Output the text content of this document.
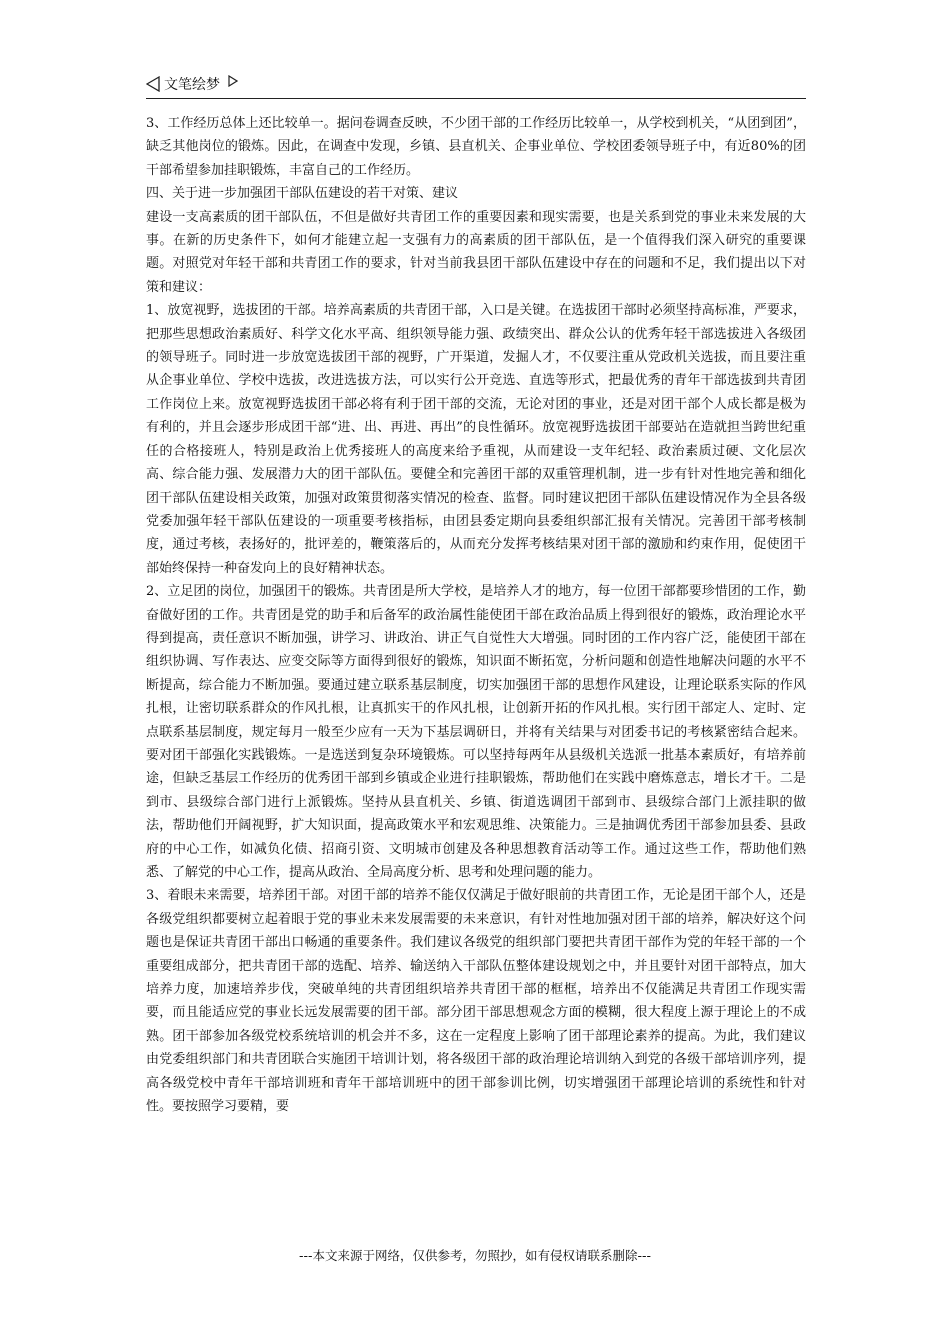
文笔绘梦

3、工作经历总体上还比较单一。据问卷调查反映，不少团干部的工作经历比较单一，从学校到机关，“从团到团”，缺乏其他岗位的锻炼。因此，在调查中发现，乡镇、县直机关、企事业单位、学校团委领导班子中，有近80%的团干部希望参加挂职锻炼，丰富自己的工作经历。

四、关于进一步加强团干部队伍建设的若干对策、建议

建设一支高素质的团干部队伍，不但是做好共青团工作的重要因素和现实需要，也是关系到党的事业未来发展的大事。在新的历史条件下，如何才能建立起一支强有力的高素质的团干部队伍，是一个值得我们深入研究的重要课题。对照党对年轻干部和共青团工作的要求，针对当前我县团干部队伍建设中存在的问题和不足，我们提出以下对策和建议：

1、放宽视野，选拔团的干部。培养高素质的共青团干部，入口是关键。在选拔团干部时必须坚持高标准，严要求，把那些思想政治素质好、科学文化水平高、组织领导能力强、政绩突出、群众公认的优秀年轻干部选拔进入各级团的领导班子。同时进一步放宽选拔团干部的视野，广开渠道，发掘人才，不仅要注重从党政机关选拔，而且要注重从企事业单位、学校中选拔，改进选拔方法，可以实行公开竞选、直选等形式，把最优秀的青年干部选拔到共青团工作岗位上来。放宽视野选拔团干部必将有利于团干部的交流，无论对团的事业，还是对团干部个人成长都是极为有利的，并且会逐步形成团干部“进、出、再进、再出”的良性循环。放宽视野选拔团干部要站在造就担当跨世纪重任的合格接班人，特别是政治上优秀接班人的高度来给予重视，从而建设一支年纪轻、政治素质过硬、文化层次高、综合能力强、发展潜力大的团干部队伍。要健全和完善团干部的双重管理机制，进一步有针对性地完善和细化团干部队伍建设相关政策，加强对政策贯彻落实情况的检查、监督。同时建议把团干部队伍建设情况作为全县各级党委加强年轻干部队伍建设的一项重要考核指标，由团县委定期向县委组织部汇报有关情况。完善团干部考核制度，通过考核，表扬好的，批评差的，鞭策落后的，从而充分发挥考核结果对团干部的激励和约束作用，促使团干部始终保持一种奋发向上的良好精神状态。

2、立足团的岗位，加强团干的锻炼。共青团是所大学校，是培养人才的地方，每一位团干部都要珍惜团的工作，勤奋做好团的工作。共青团是党的助手和后备军的政治属性能使团干部在政治品质上得到很好的锻炼，政治理论水平得到提高，责任意识不断加强，讲学习、讲政治、讲正气自觉性大大增强。同时团的工作内容广泛，能使团干部在组织协调、写作表达、应变交际等方面得到很好的锻炼，知识面不断拓宽，分析问题和创造性地解决问题的水平不断提高，综合能力不断加强。要通过建立联系基层制度，切实加强团干部的思想作风建设，让理论联系实际的作风扎根，让密切联系群众的作风扎根，让真抓实干的作风扎根，让创新开拓的作风扎根。实行团干部定人、定时、定点联系基层制度，规定每月一般至少应有一天为下基层调研日，并将有关结果与对团委书记的考核紧密结合起来。要对团干部强化实践锻炼。一是选送到复杂环境锻炼。可以坚持每两年从县级机关选派一批基本素质好，有培养前途，但缺乏基层工作经历的优秀团干部到乡镇或企业进行挂职锻炼，帮助他们在实践中磨炼意志，增长才干。二是到市、县级综合部门进行上派锻炼。坚持从县直机关、乡镇、街道选调团干部到市、县级综合部门上派挂职的做法，帮助他们开阔视野，扩大知识面，提高政策水平和宏观思维、决策能力。三是抽调优秀团干部参加县委、县政府的中心工作，如减负化债、招商引资、文明城市创建及各种思想教育活动等工作。通过这些工作，帮助他们熟悉、了解党的中心工作，提高从政治、全局高度分析、思考和处理问题的能力。

3、着眼未来需要，培养团干部。对团干部的培养不能仅仅满足于做好眼前的共青团工作，无论是团干部个人，还是各级党组织都要树立起着眼于党的事业未来发展需要的未来意识，有针对性地加强对团干部的培养，解决好这个问题也是保证共青团干部出口畅通的重要条件。我们建议各级党的组织部门要把共青团干部作为党的年轻干部的一个重要组成部分，把共青团干部的选配、培养、输送纳入干部队伍整体建设规划之中，并且要针对团干部特点，加大培养力度，加速培养步伐，突破单纯的共青团组织培养共青团干部的框框，培养出不仅能满足共青团工作现实需要，而且能适应党的事业长远发展需要的团干部。部分团干部思想观念方面的模糊，很大程度上源于理论上的不成熟。团干部参加各级党校系统培训的机会并不多，这在一定程度上影响了团干部理论素养的提高。为此，我们建议由党委组织部门和共青团联合实施团干培训计划，将各级团干部的政治理论培训纳入到党的各级干部培训序列，提高各级党校中青年干部培训班和青年干部培训班中的团干部参训比例，切实增强团干部理论培训的系统性和针对性。要按照学习要精，要

---本文来源于网络，仅供参考，勿照抄，如有侵权请联系删除---
